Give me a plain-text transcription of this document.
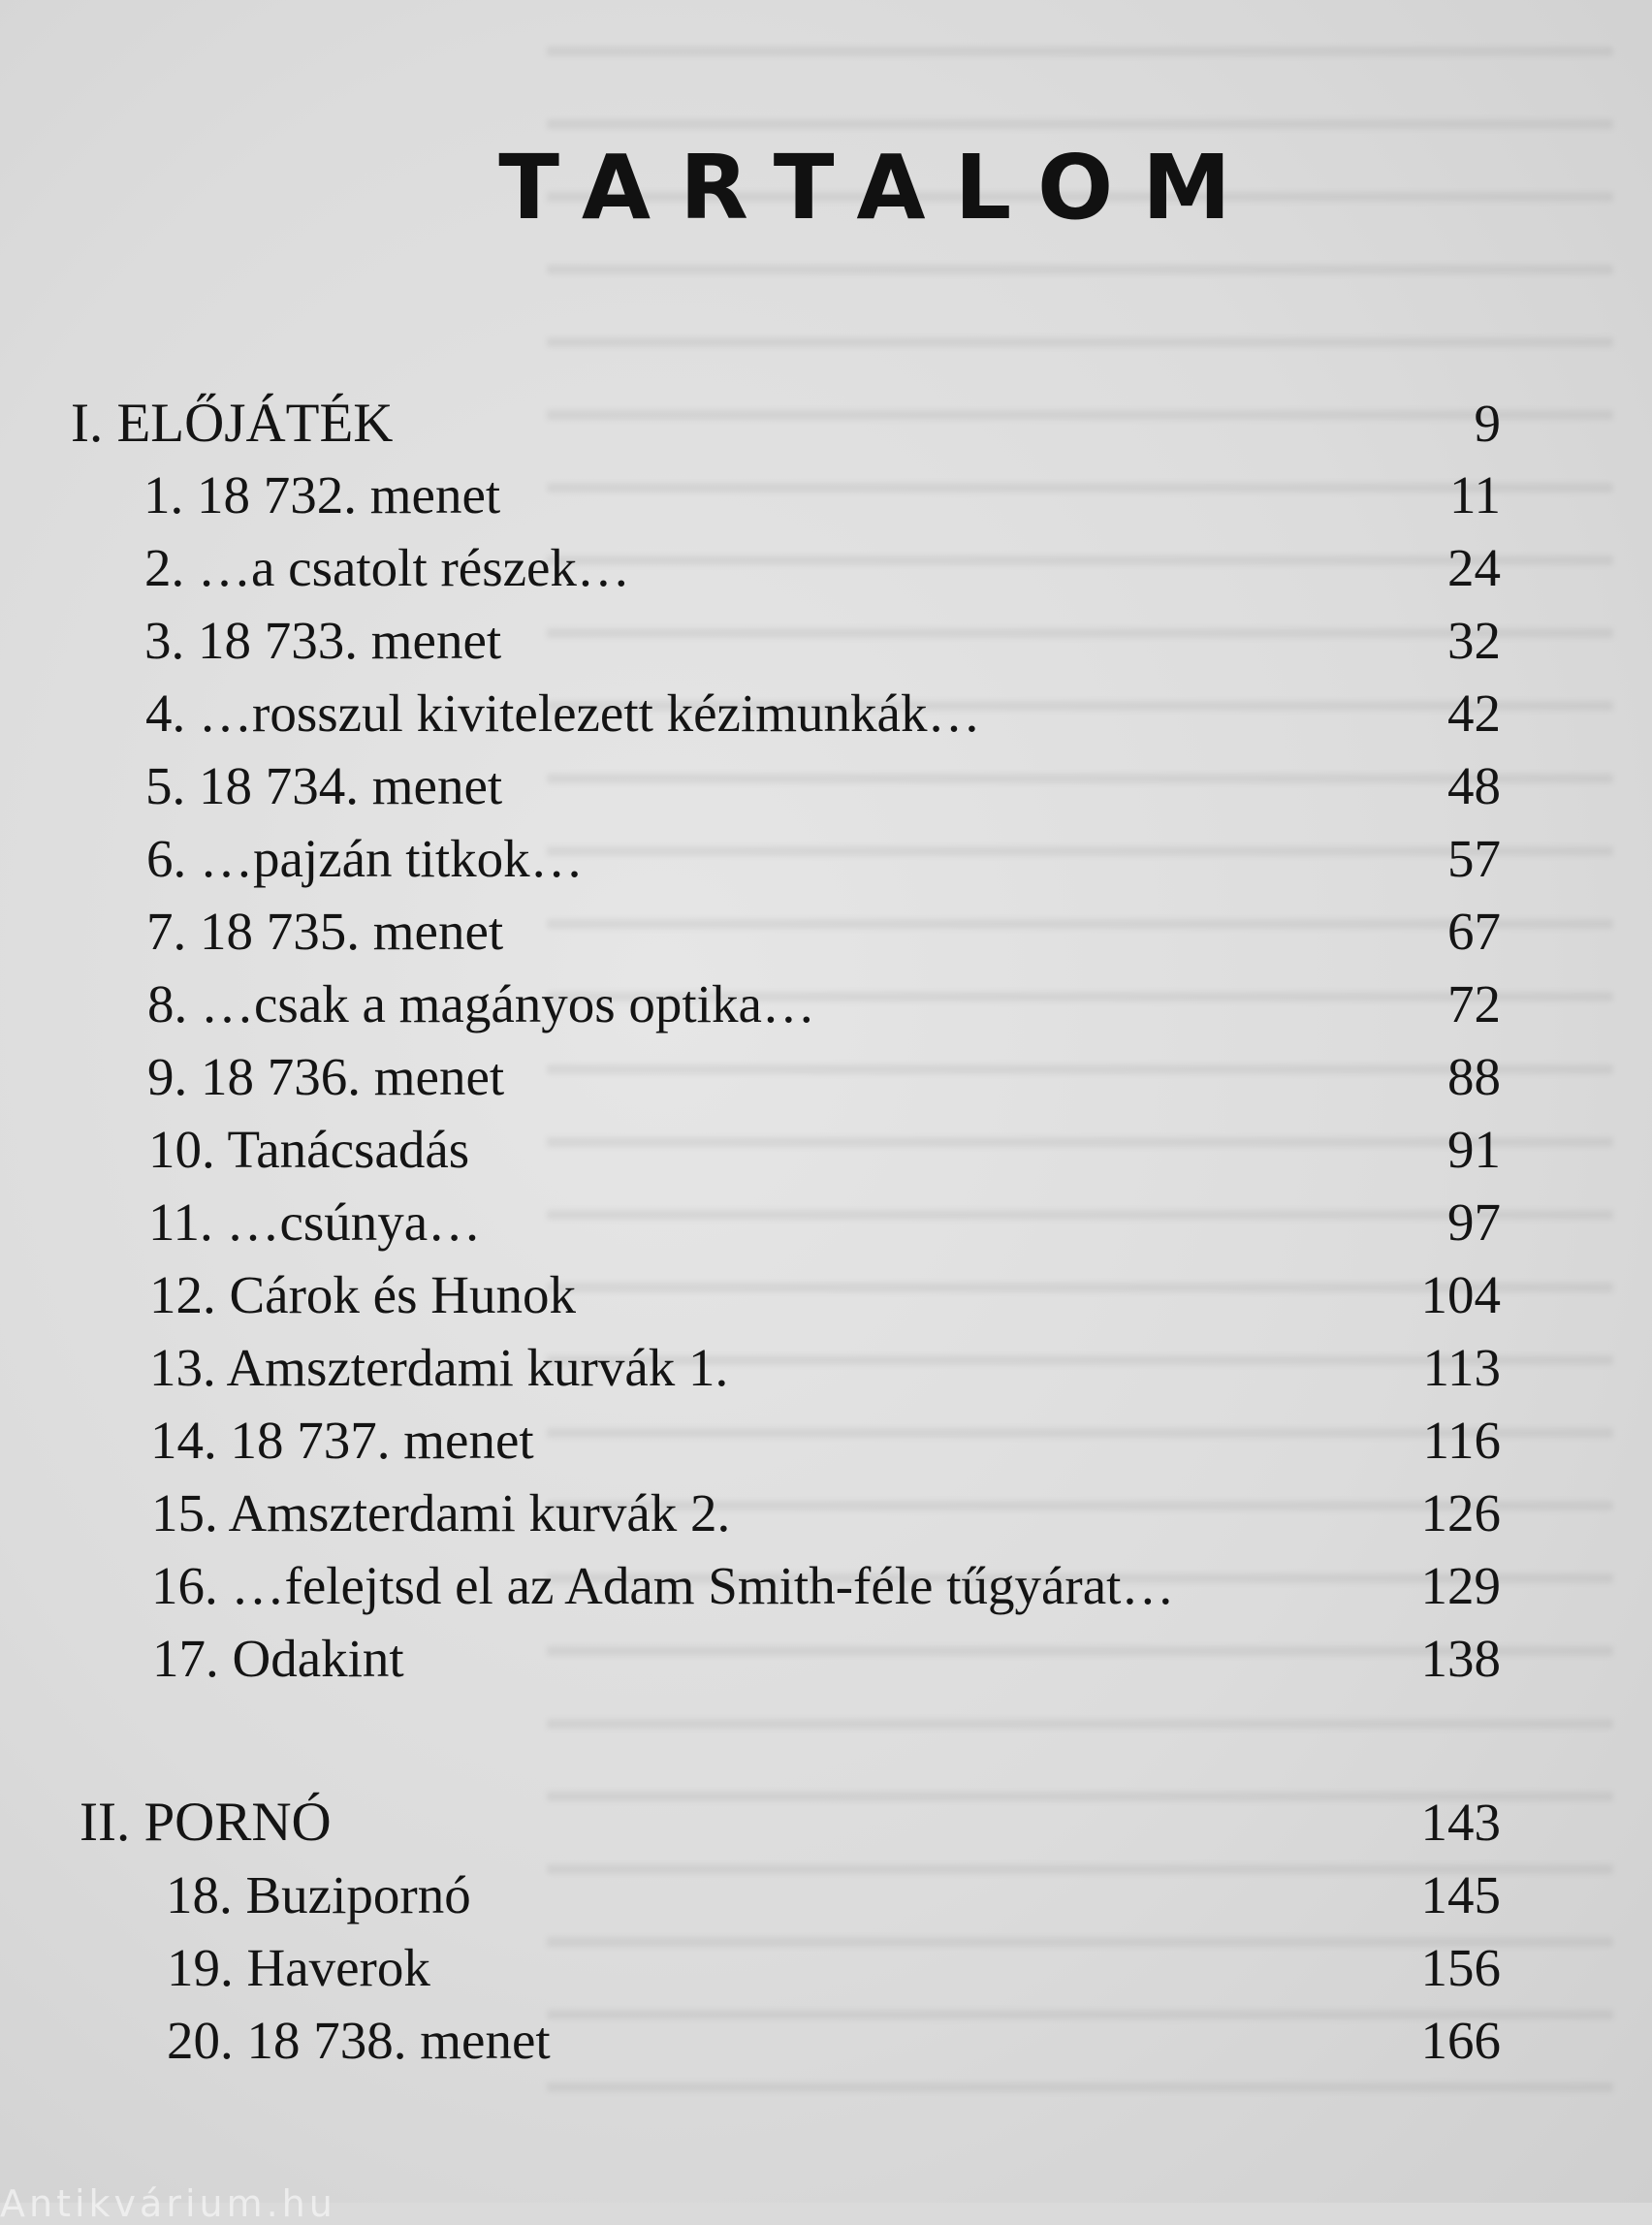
TARTALOM
I. ELŐJÁTÉK	9
1. 18 732. menet	11
2. …a csatolt részek…	24
3. 18 733. menet	32
4. …rosszul kivitelezett kézimunkák…	42
5. 18 734. menet	48
6. …pajzán titkok…	57
7. 18 735. menet	67
8. …csak a magányos optika…	72
9. 18 736. menet	88
10. Tanácsadás	91
11. …csúnya…	97
12. Cárok és Hunok	104
13. Amszterdami kurvák 1.	113
14. 18 737. menet	116
15. Amszterdami kurvák 2.	126
16. …felejtsd el az Adam Smith-féle tűgyárat…	129
17. Odakint	138
II. PORNÓ	143
18. Buzipornó	145
19. Haverok	156
20. 18 738. menet	166
Antikvárium.hu
